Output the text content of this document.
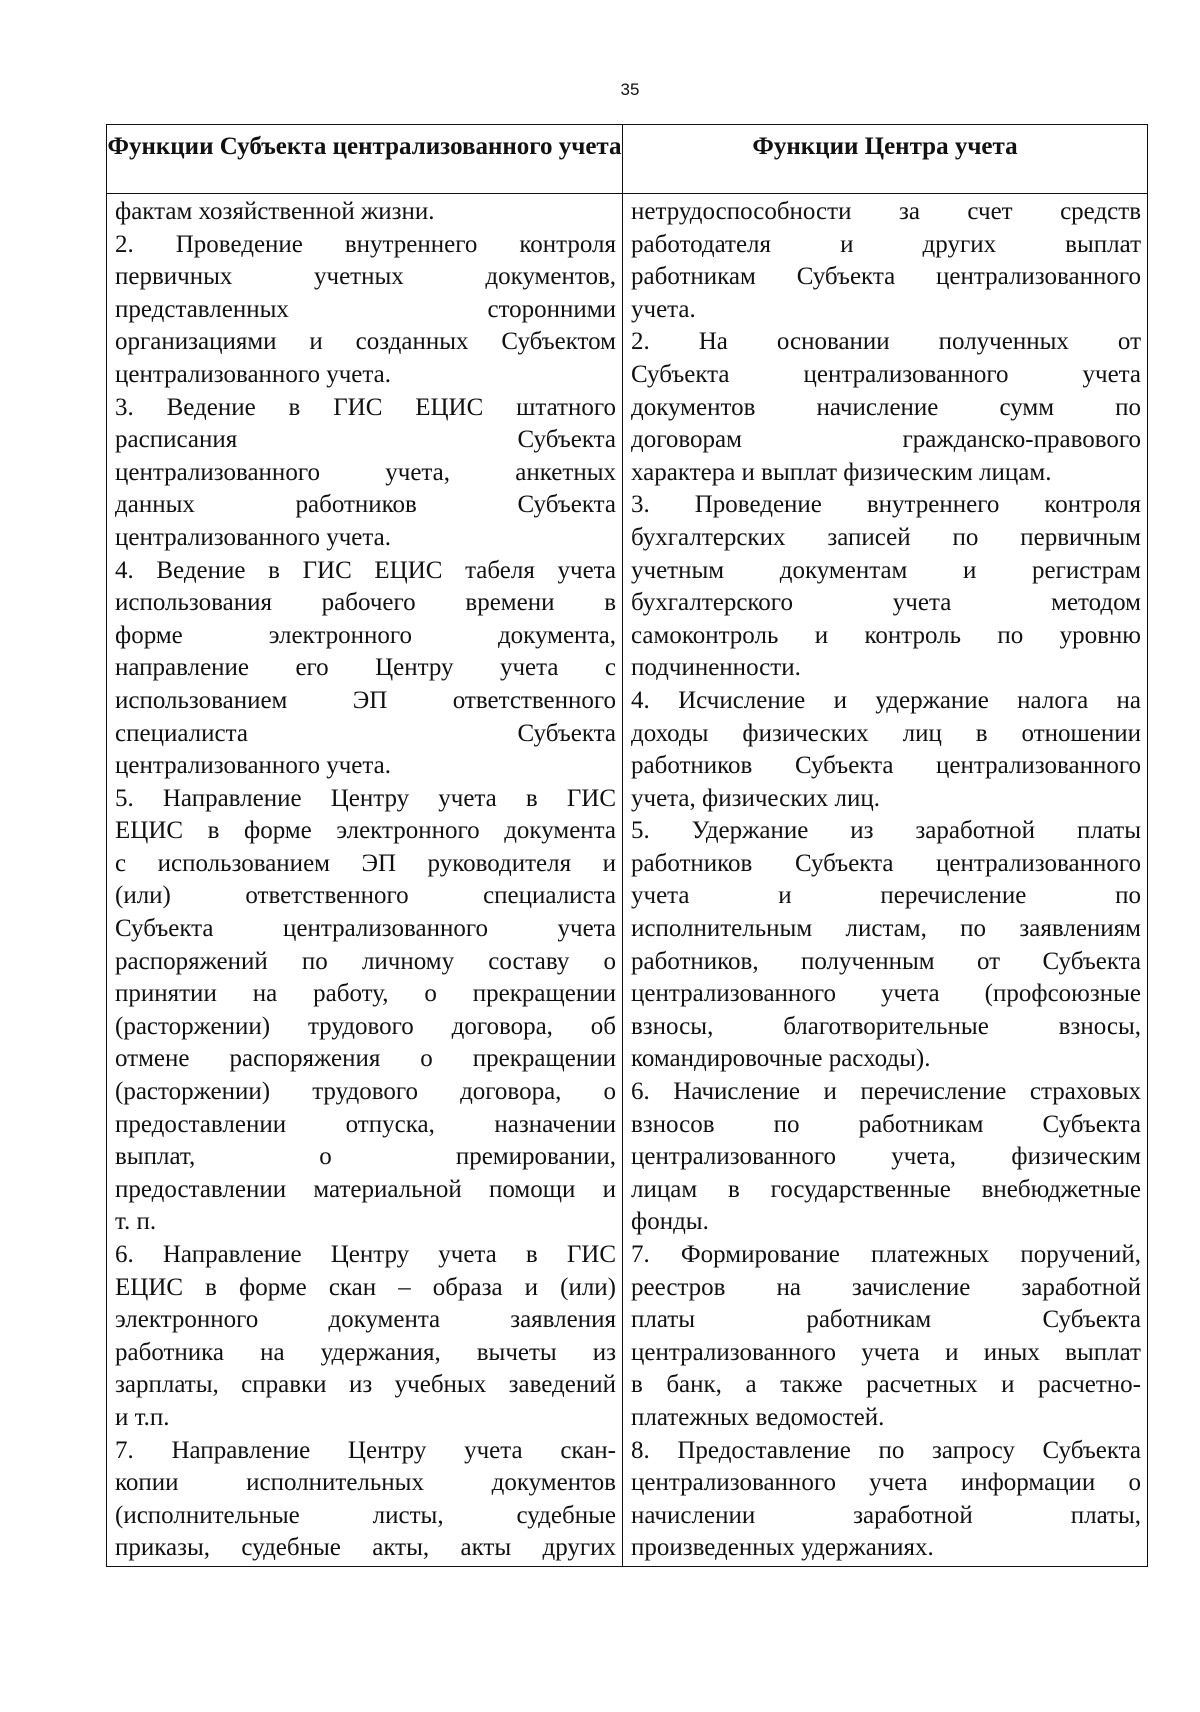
35
Функции Субъекта централизованного учета	Функции Центра учета
фактам хозяйственной жизни.
2. Проведение внутреннего контроля
первичных учетных документов,
представленных сторонними
организациями и созданных Субъектом
централизованного учета.
3. Ведение в ГИС ЕЦИС штатного
расписания Субъекта
централизованного учета, анкетных
данных работников Субъекта
централизованного учета.
4. Ведение в ГИС ЕЦИС табеля учета
использования рабочего времени в
форме электронного документа,
направление его Центру учета с
использованием ЭП ответственного
специалиста Субъекта
централизованного учета.
5. Направление Центру учета в ГИС
ЕЦИС в форме электронного документа
с использованием ЭП руководителя и
(или) ответственного специалиста
Субъекта централизованного учета
распоряжений по личному составу о
принятии на работу, о прекращении
(расторжении) трудового договора, об
отмене распоряжения о прекращении
(расторжении) трудового договора, о
предоставлении отпуска, назначении
выплат, о премировании,
предоставлении материальной помощи и
т. п.
6. Направление Центру учета в ГИС
ЕЦИС в форме скан – образа и (или)
электронного документа заявления
работника на удержания, вычеты из
зарплаты, справки из учебных заведений
и т.п.
7. Направление Центру учета скан-
копии исполнительных документов
(исполнительные листы, судебные
приказы, судебные акты, акты других
нетрудоспособности за счет средств
работодателя и других выплат
работникам Субъекта централизованного
учета.
2. На основании полученных от
Субъекта централизованного учета
документов начисление сумм по
договорам гражданско-правового
характера и выплат физическим лицам.
3. Проведение внутреннего контроля
бухгалтерских записей по первичным
учетным документам и регистрам
бухгалтерского учета методом
самоконтроль и контроль по уровню
подчиненности.
4. Исчисление и удержание налога на
доходы физических лиц в отношении
работников Субъекта централизованного
учета, физических лиц.
5. Удержание из заработной платы
работников Субъекта централизованного
учета и перечисление по
исполнительным листам, по заявлениям
работников, полученным от Субъекта
централизованного учета (профсоюзные
взносы, благотворительные взносы,
командировочные расходы).
6. Начисление и перечисление страховых
взносов по работникам Субъекта
централизованного учета, физическим
лицам в государственные внебюджетные
фонды.
7. Формирование платежных поручений,
реестров на зачисление заработной
платы работникам Субъекта
централизованного учета и иных выплат
в банк, а также расчетных и расчетно-
платежных ведомостей.
8. Предоставление по запросу Субъекта
централизованного учета информации о
начислении заработной платы,
произведенных удержаниях.
